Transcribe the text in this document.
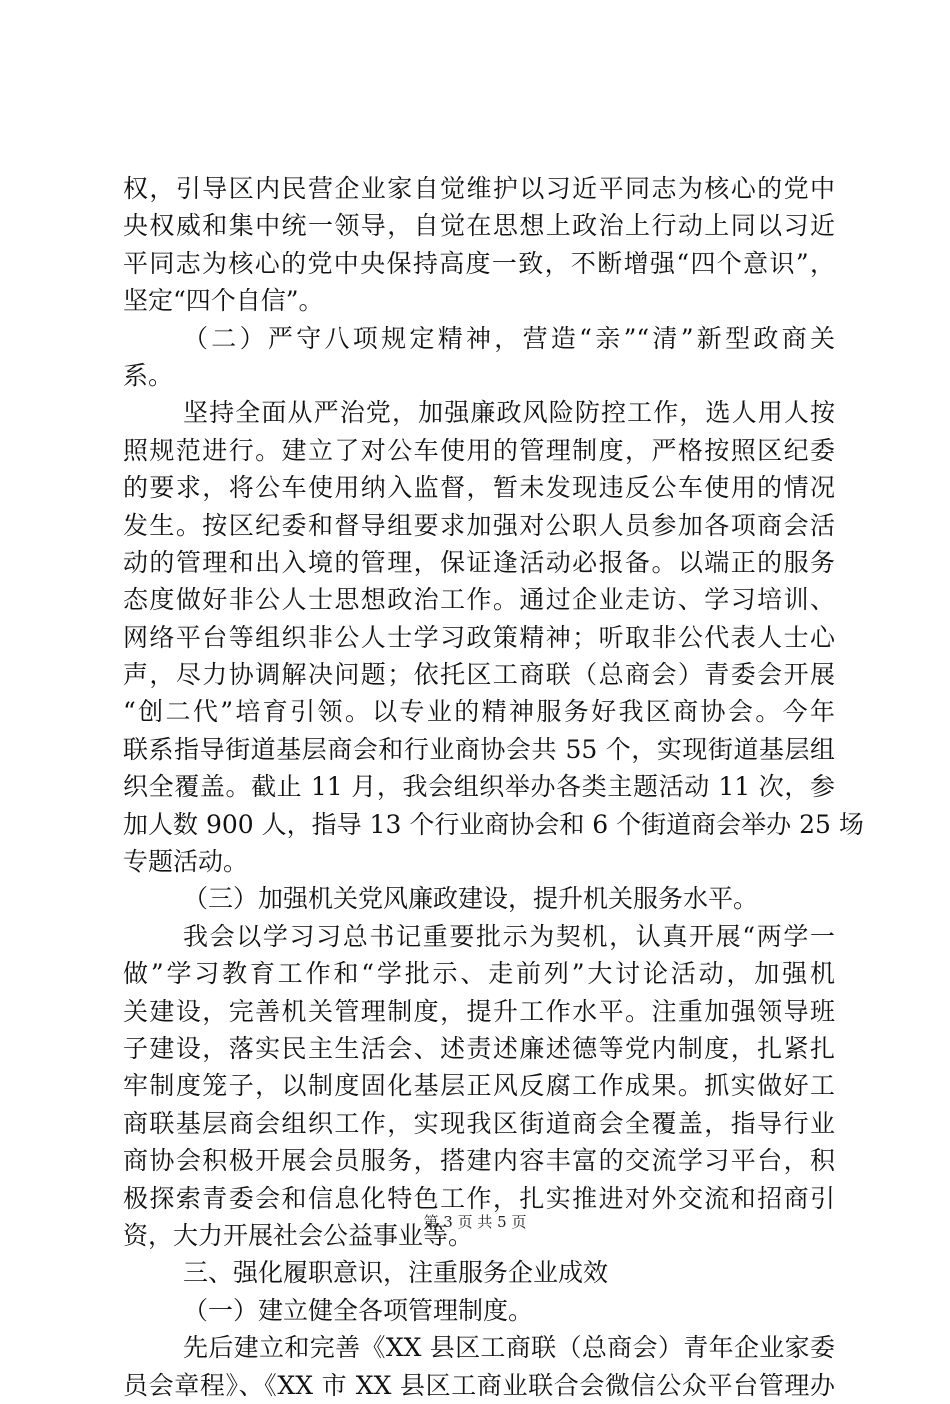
权，引导区内民营企业家自觉维护以习近平同志为核心的党中
央权威和集中统一领导，自觉在思想上政治上行动上同以习近
平同志为核心的党中央保持高度一致，不断增强“四个意识”，
坚定“四个自信”。
（二）严守八项规定精神，营造“亲”“清”新型政商关
系。
坚持全面从严治党，加强廉政风险防控工作，选人用人按
照规范进行。建立了对公车使用的管理制度，严格按照区纪委
的要求，将公车使用纳入监督，暂未发现违反公车使用的情况
发生。按区纪委和督导组要求加强对公职人员参加各项商会活
动的管理和出入境的管理，保证逢活动必报备。以端正的服务
态度做好非公人士思想政治工作。通过企业走访、学习培训、
网络平台等组织非公人士学习政策精神；听取非公代表人士心
声，尽力协调解决问题；依托区工商联（总商会）青委会开展
“创二代”培育引领。以专业的精神服务好我区商协会。今年
联系指导街道基层商会和行业商协会共 55 个，实现街道基层组
织全覆盖。截止 11 月，我会组织举办各类主题活动 11 次，参
加人数 900 人，指导 13 个行业商协会和 6 个街道商会举办 25 场
专题活动。
（三）加强机关党风廉政建设，提升机关服务水平。
我会以学习习总书记重要批示为契机，认真开展“两学一
做”学习教育工作和“学批示、走前列”大讨论活动，加强机
关建设，完善机关管理制度，提升工作水平。注重加强领导班
子建设，落实民主生活会、述责述廉述德等党内制度，扎紧扎
牢制度笼子，以制度固化基层正风反腐工作成果。抓实做好工
商联基层商会组织工作，实现我区街道商会全覆盖，指导行业
商协会积极开展会员服务，搭建内容丰富的交流学习平台，积
极探索青委会和信息化特色工作，扎实推进对外交流和招商引
资，大力开展社会公益事业等。
三、强化履职意识，注重服务企业成效
（一）建立健全各项管理制度。
先后建立和完善《XX 县区工商联（总商会）青年企业家委
员会章程》、《XX 市 XX 县区工商业联合会微信公众平台管理办
第 3 页 共 5 页
